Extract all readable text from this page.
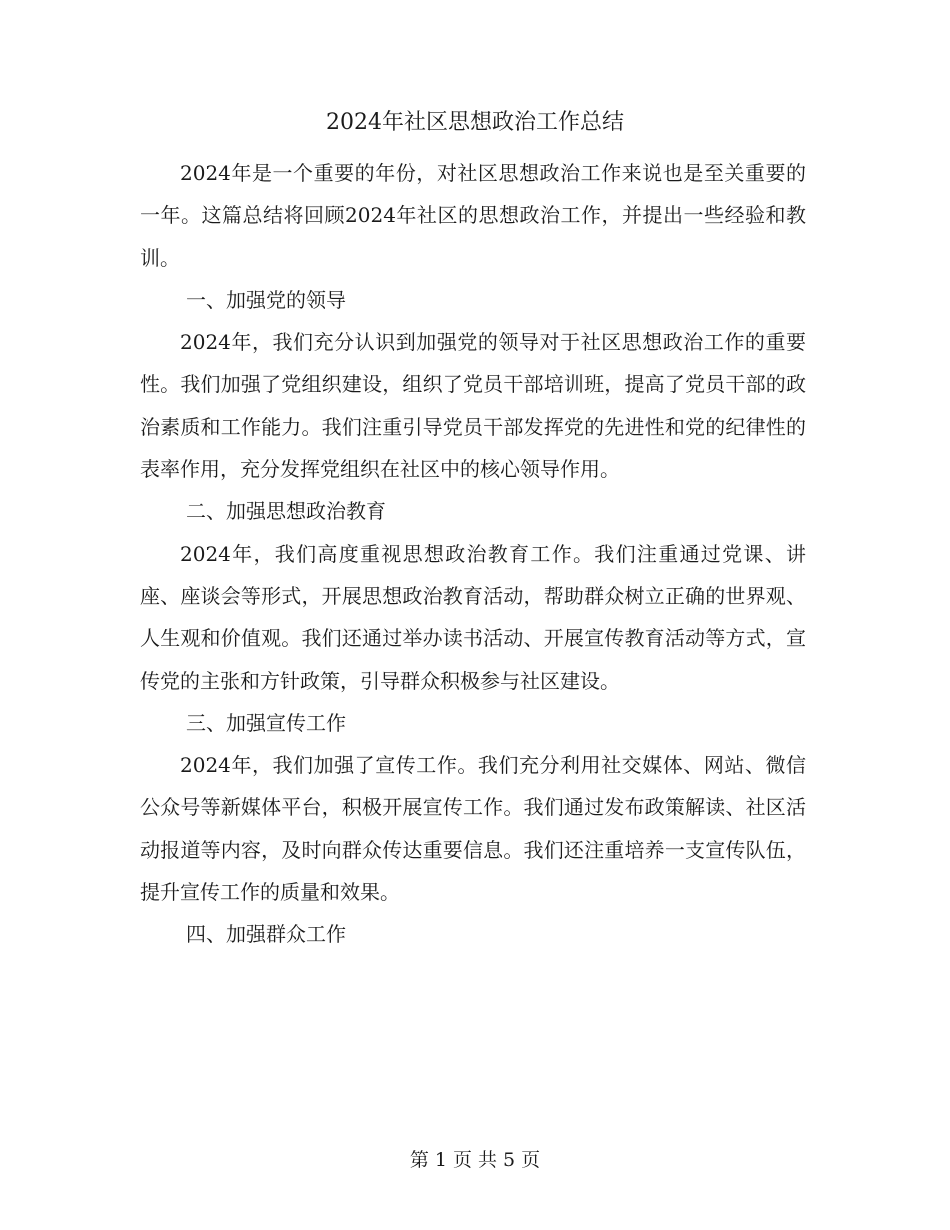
2024年社区思想政治工作总结

2024年是一个重要的年份，对社区思想政治工作来说也是至关重要的一年。这篇总结将回顾2024年社区的思想政治工作，并提出一些经验和教训。

一、加强党的领导

2024年，我们充分认识到加强党的领导对于社区思想政治工作的重要性。我们加强了党组织建设，组织了党员干部培训班，提高了党员干部的政治素质和工作能力。我们注重引导党员干部发挥党的先进性和党的纪律性的表率作用，充分发挥党组织在社区中的核心领导作用。

二、加强思想政治教育

2024年，我们高度重视思想政治教育工作。我们注重通过党课、讲座、座谈会等形式，开展思想政治教育活动，帮助群众树立正确的世界观、人生观和价值观。我们还通过举办读书活动、开展宣传教育活动等方式，宣传党的主张和方针政策，引导群众积极参与社区建设。

三、加强宣传工作

2024年，我们加强了宣传工作。我们充分利用社交媒体、网站、微信公众号等新媒体平台，积极开展宣传工作。我们通过发布政策解读、社区活动报道等内容，及时向群众传达重要信息。我们还注重培养一支宣传队伍，提升宣传工作的质量和效果。

四、加强群众工作

第 1 页 共 5 页
